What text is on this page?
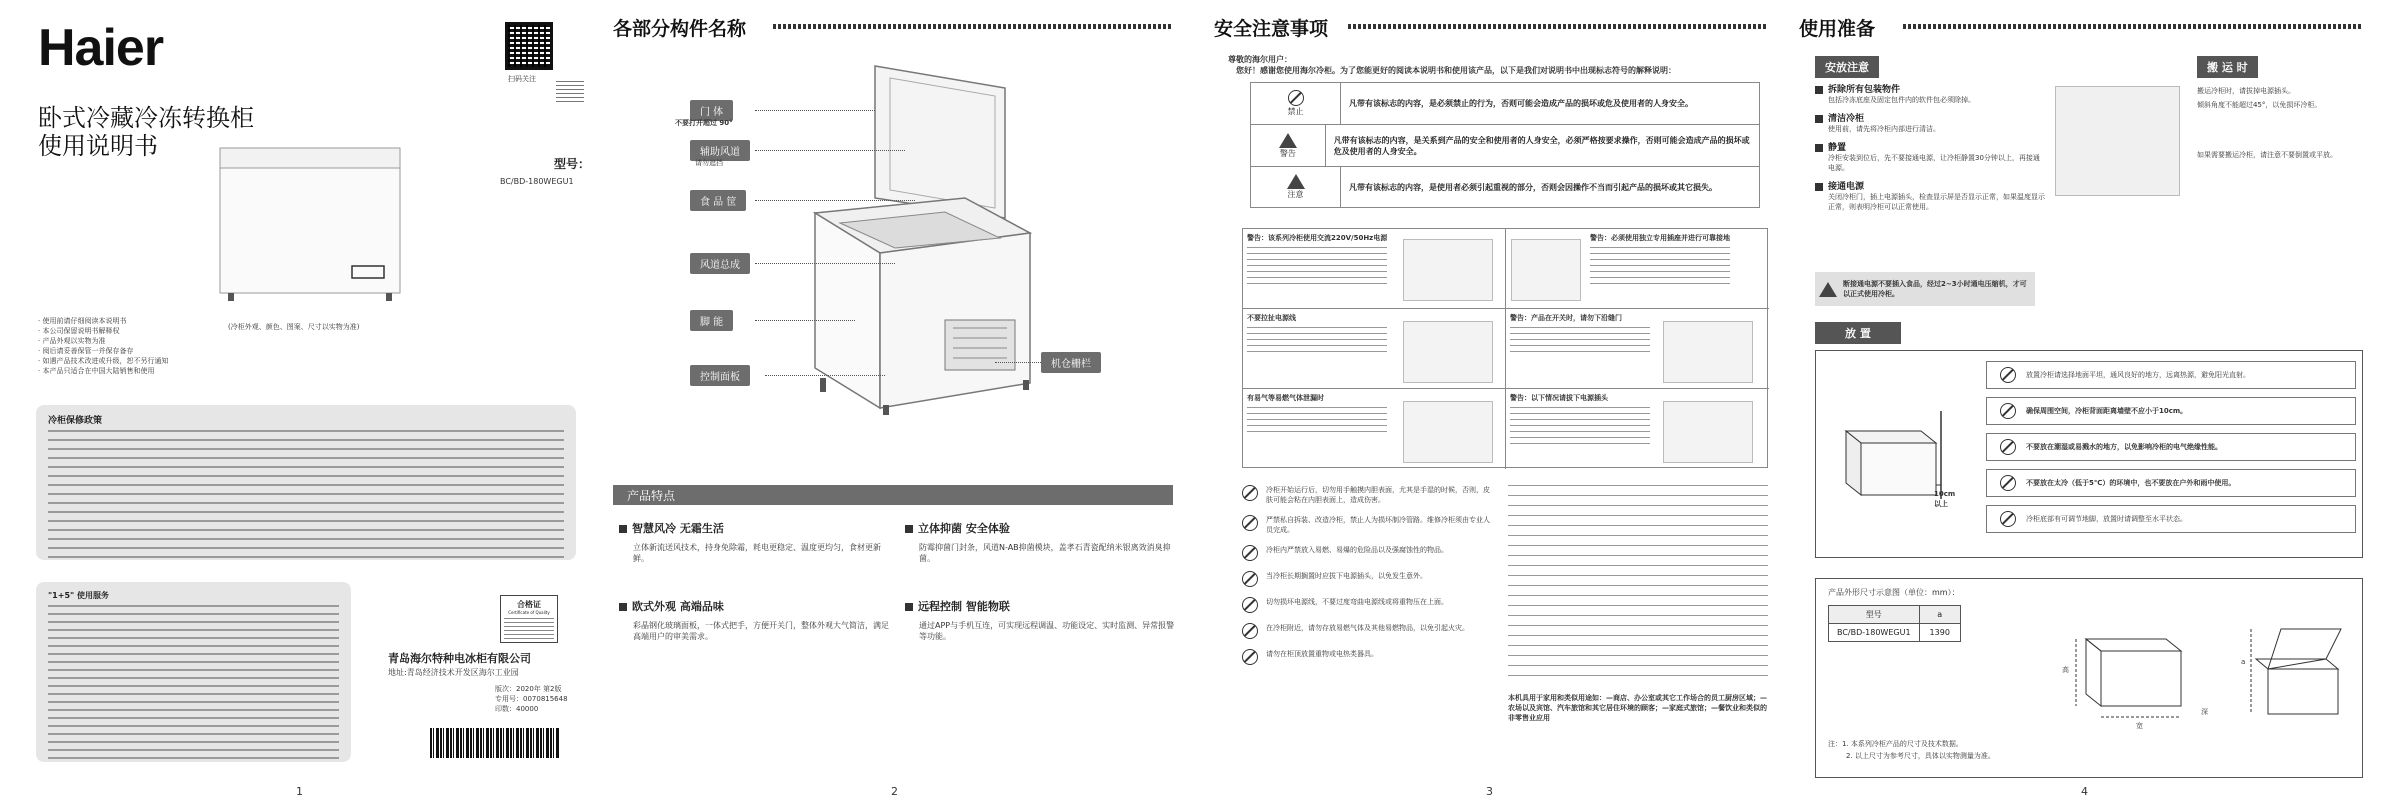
Haier
扫码关注
卧式冷藏冷冻转换柜
使用说明书
型号：
BC/BD-180WEGU1
(冷柜外观、颜色、图案、尺寸以实物为准)
· 使用前请仔细阅读本说明书
· 本公司保留说明书解释权
· 产品外观以实物为准
· 阅后请妥善保管一并保存备存
· 如遇产品技术改进或升级，恕不另行通知
· 本产品只适合在中国大陆销售和使用
冷柜保修政策
"1+5" 使用服务
合格证
Certificate of Quality
青岛海尔特种电冰柜有限公司
地址:青岛经济技术开发区海尔工业园
版次：2020年 第2版
专用号：0070815648
印数：40000
1
各部分构件名称
门 体
不要打开超过 90°
辅助风道
请勿遮挡
食 品 筐
风道总成
脚 能
控制面板
机仓栅栏
产品特点
智慧风冷 无霜生活
立体新流送风技术，持身免除霜，耗电更稳定、温度更均匀，食材更新鲜。
立体抑菌 安全体验
防霉抑菌门封条，风道N-AB抑菌模块，盖孝石青瓷配纳米银离效消臭抑菌。
欧式外观 高端品味
彩晶钢化玻璃面板，一体式把手，方便开关门，整体外观大气简洁，满足高端用户的审美需求。
远程控制 智能物联
通过APP与手机互连，可实现远程调温、功能设定、实时监测、异常报警等功能。
2
安全注意事项
尊敬的海尔用户：
您好！感谢您使用海尔冷柜。为了您能更好的阅读本说明书和使用该产品，以下是我们对说明书中出现标志符号的解释说明：
禁止
凡带有该标志的内容，是必须禁止的行为，否则可能会造成产品的损坏或危及使用者的人身安全。
警告
凡带有该标志的内容，是关系到产品的安全和使用者的人身安全，必须严格按要求操作，否则可能会造成产品的损坏或危及使用者的人身安全。
注意
凡带有该标志的内容，是使用者必须引起重视的部分，否则会因操作不当而引起产品的损坏或其它损失。
警告：该系列冷柜使用交流220V/50Hz电源	警告：必须使用独立专用插座并进行可靠接地
不要拉扯电源线	警告：产品在开关时，请勿下沿缝门
有易气等易燃气体泄漏时	警告：以下情况请拔下电源插头
冷柜开始运行后，切勿用手触摸内胆表面，尤其是手湿的时候，否则，皮肤可能会粘在内胆表面上，造成伤害。
严禁私自拆装、改造冷柜，禁止人为损坏制冷管路。维修冷柜须由专业人员完成。
冷柜内严禁放入易燃、易爆的危险品以及强腐蚀性的物品。
当冷柜长期搁置时应拔下电源插头，以免发生意外。
切勿损坏电源线，不要过度弯曲电源线或将重物压在上面。
在冷柜附近，请勿存放易燃气体及其他易燃物品，以免引起火灾。
请勿在柜顶放置重物或电热类器具。
本机具用于家用和类似用途如：—商店、办公室或其它工作场合的员工厨房区域；—农场以及宾馆、汽车旅馆和其它居住环境的顾客；—家庭式旅馆；—餐饮业和类似的非零售业应用
3
使用准备
安放注意	搬 运 时
拆除所有包装物件
包括冷冻底座及固定包件内的软件包必须除掉。
清洁冷柜
使用前，请先将冷柜内部进行清洁。
静置
冷柜安装到位后，先不要接通电源，让冷柜静置30分钟以上，再接通电源。
接通电源
关闭冷柜门，插上电源插头，检查显示屏是否显示正常，如果温度显示正常，则表明冷柜可以正常使用。
断接通电源不要插入食品，经过2~3小时通电压缩机，才可以正式使用冷柜。
搬运冷柜时，请拔掉电源插头。
倾斜角度不能超过45°，以免损坏冷柜。
如果需要搬运冷柜，请注意不要倒置或平放。
放 置
10cm
以上
放置冷柜请选择地面平坦，通风良好的地方，远离热源，避免阳光直射。
确保周围空间，冷柜背面距离墙壁不应小于10cm。
不要放在潮湿或易溅水的地方，以免影响冷柜的电气绝缘性能。
不要放在太冷（低于5℃）的环境中，也不要放在户外和雨中使用。
冷柜底部有可调节地脚，放置时请调整至水平状态。
产品外形尺寸示意图（单位：mm）：
型号	a
BC/BD-180WEGU1	1390
高
宽
深
a
注：1. 本系列冷柜产品的尺寸及技术数据。
2. 以上尺寸为参考尺寸，具体以实物测量为准。
4
